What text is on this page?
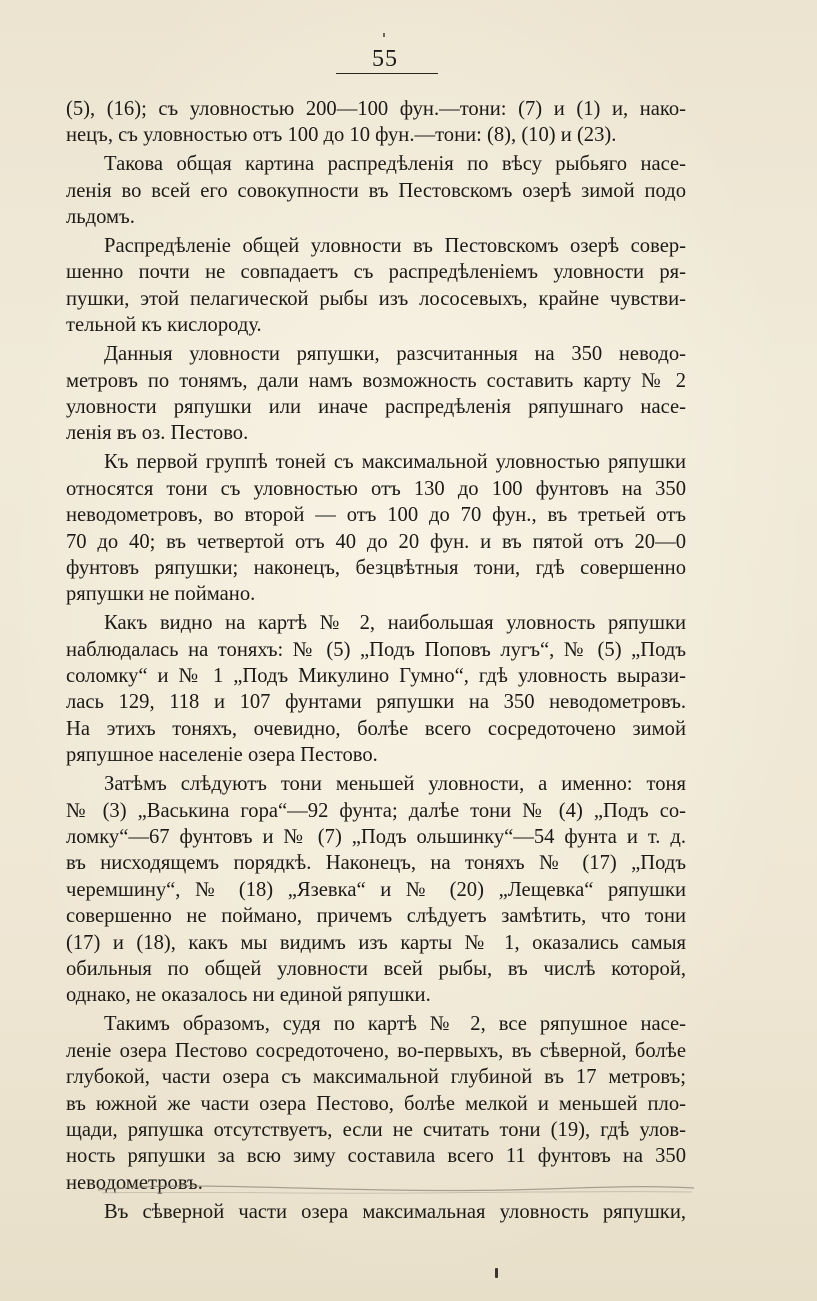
55
(5), (16); съ уловностью 200—100 фун.—тони: (7) и (1) и, нако-
нецъ, съ уловностью отъ 100 до 10 фун.—тони: (8), (10) и (23).
Такова общая картина распредѣленія по вѣсу рыбьяго насе-
ленія во всей его совокупности въ Пестовскомъ озерѣ зимой подо
льдомъ.
Распредѣленіе общей уловности въ Пестовскомъ озерѣ совер-
шенно почти не совпадаетъ съ распредѣленіемъ уловности ря-
пушки, этой пелагической рыбы изъ лососевыхъ, крайне чувстви-
тельной къ кислороду.
Данныя уловности ряпушки, разсчитанныя на 350 неводо-
метровъ по тонямъ, дали намъ возможность составить карту № 2
уловности ряпушки или иначе распредѣленія ряпушнаго насе-
ленія въ оз. Пестово.
Къ первой группѣ тоней съ максимальной уловностью ряпушки
относятся тони съ уловностью отъ 130 до 100 фунтовъ на 350
неводометровъ, во второй — отъ 100 до 70 фун., въ третьей отъ
70 до 40; въ четвертой отъ 40 до 20 фун. и въ пятой отъ 20—0
фунтовъ ряпушки; наконецъ, безцвѣтныя тони, гдѣ совершенно
ряпушки не поймано.
Какъ видно на картѣ № 2, наибольшая уловность ряпушки
наблюдалась на тоняхъ: № (5) „Подъ Поповъ лугъ“, № (5) „Подъ
соломку“ и № 1 „Подъ Микулино Гумно“, гдѣ уловность вырази-
лась 129, 118 и 107 фунтами ряпушки на 350 неводометровъ.
На этихъ тоняхъ, очевидно, болѣе всего сосредоточено зимой
ряпушное населеніе озера Пестово.
Затѣмъ слѣдуютъ тони меньшей уловности, а именно: тоня
№ (3) „Васькина гора“—92 фунта; далѣе тони № (4) „Подъ со-
ломку“—67 фунтовъ и № (7) „Подъ ольшинку“—54 фунта и т. д.
въ нисходящемъ порядкѣ. Наконецъ, на тоняхъ № (17) „Подъ
черемшину“, № (18) „Язевка“ и № (20) „Лещевка“ ряпушки
совершенно не поймано, причемъ слѣдуетъ замѣтить, что тони
(17) и (18), какъ мы видимъ изъ карты № 1, оказались самыя
обильныя по общей уловности всей рыбы, въ числѣ которой,
однако, не оказалось ни единой ряпушки.
Такимъ образомъ, судя по картѣ № 2, все ряпушное насе-
леніе озера Пестово сосредоточено, во-первыхъ, въ сѣверной, болѣе
глубокой, части озера съ максимальной глубиной въ 17 метровъ;
въ южной же части озера Пестово, болѣе мелкой и меньшей пло-
щади, ряпушка отсутствуетъ, если не считать тони (19), гдѣ улов-
ность ряпушки за всю зиму составила всего 11 фунтовъ на 350
неводометровъ.
Въ сѣверной части озера максимальная уловность ряпушки,
